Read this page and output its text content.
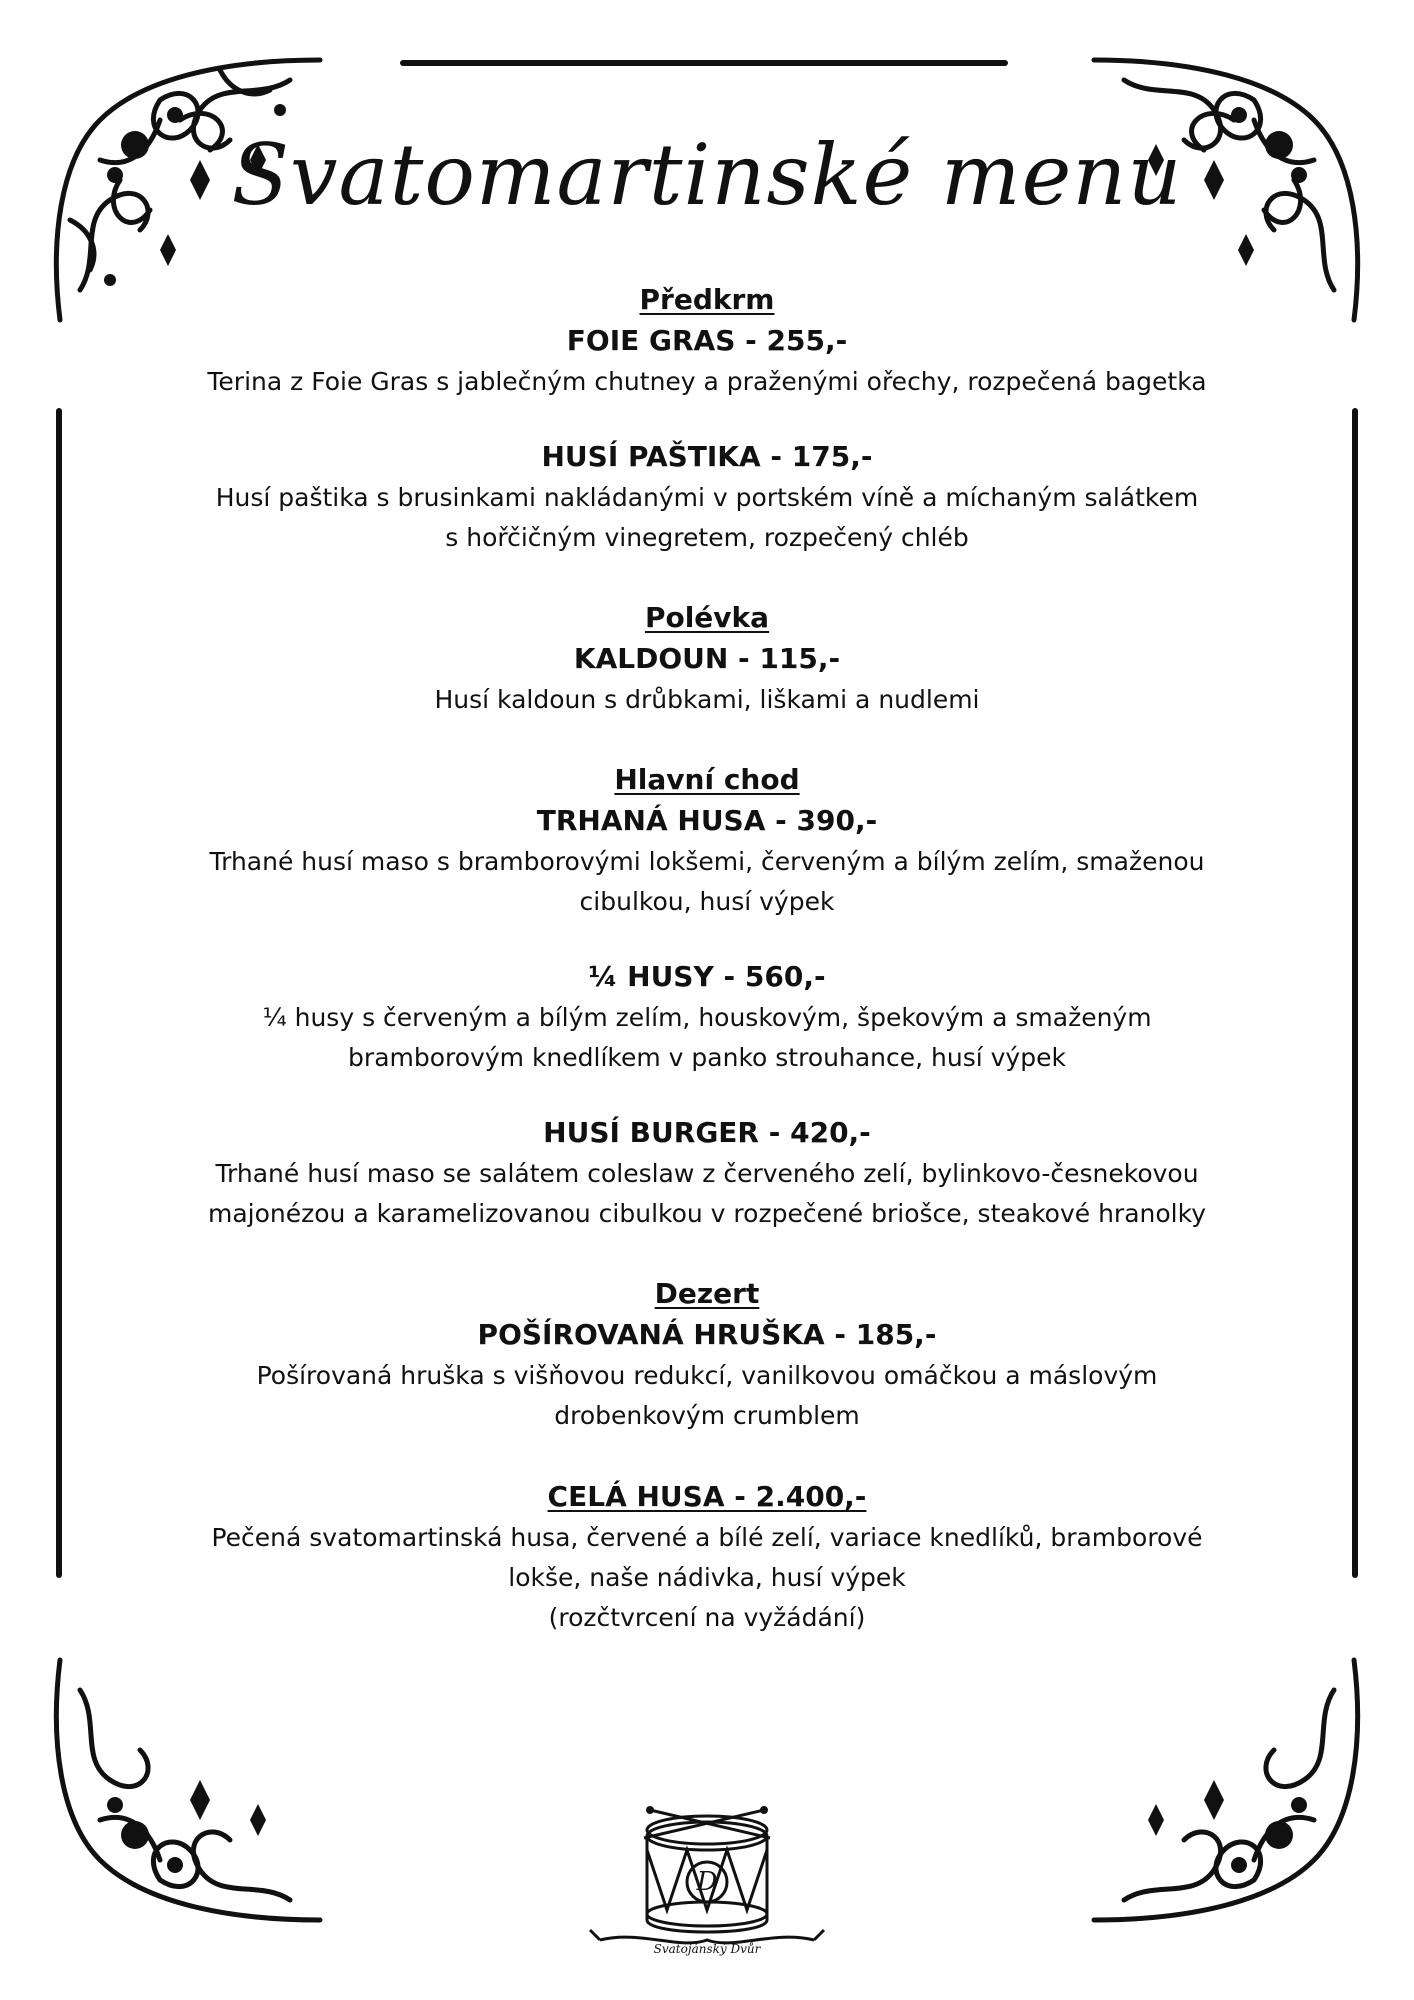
Svatomartinské menu
Předkrm
FOIE GRAS - 255,-
Terina z Foie Gras s jablečným chutney a praženými ořechy, rozpečená bagetka
HUSÍ PAŠTIKA - 175,-
Husí paštika s brusinkami nakládanými v portském víně a míchaným salátkem
s hořčičným vinegretem, rozpečený chléb
Polévka
KALDOUN - 115,-
Husí kaldoun s drůbkami, liškami a nudlemi
Hlavní chod
TRHANÁ HUSA - 390,-
Trhané husí maso s bramborovými lokšemi, červeným a bílým zelím, smaženou
cibulkou, husí výpek
¼ HUSY - 560,-
¼ husy s červeným a bílým zelím, houskovým, špekovým a smaženým
bramborovým knedlíkem v panko strouhance, husí výpek
HUSÍ BURGER - 420,-
Trhané husí maso se salátem coleslaw z červeného zelí, bylinkovo-česnekovou
majonézou a karamelizovanou cibulkou v rozpečené briošce, steakové hranolky
Dezert
POŠÍROVANÁ HRUŠKA - 185,-
Pošírovaná hruška s višňovou redukcí, vanilkovou omáčkou a máslovým
drobenkovým crumblem
CELÁ HUSA - 2.400,-
Pečená svatomartinská husa, červené a bílé zelí, variace knedlíků, bramborové
lokše, naše nádivka, husí výpek
(rozčtvrcení na vyžádání)
D
Svatojánský Dvůr
